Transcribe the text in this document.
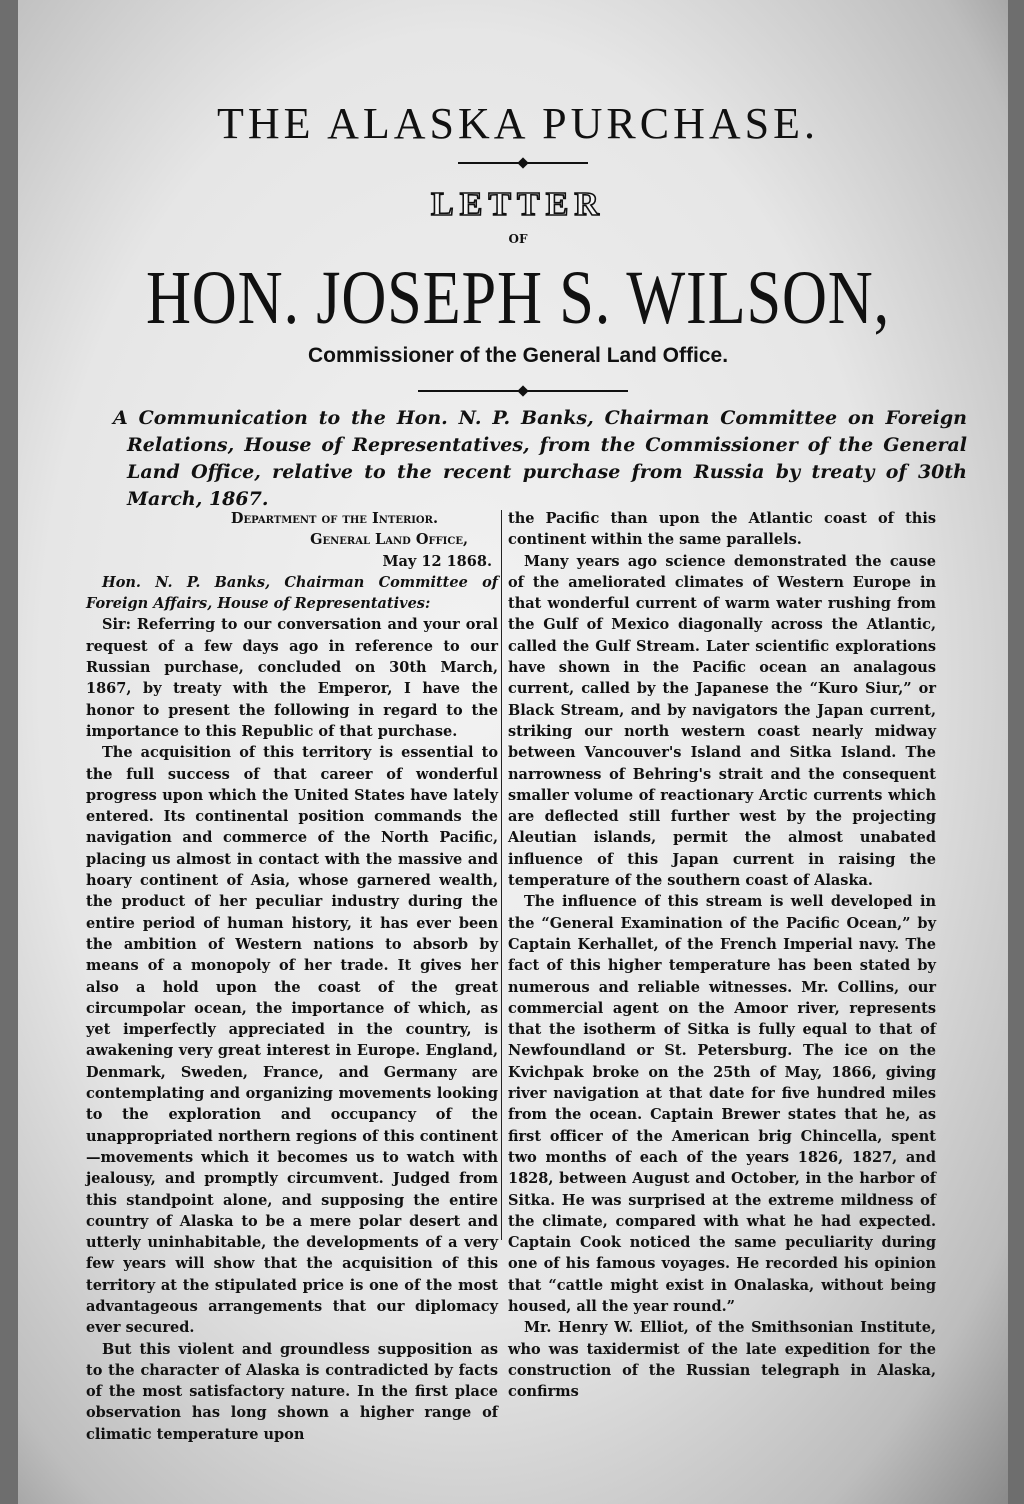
THE ALASKA PURCHASE.
LETTER
OF
HON. JOSEPH S. WILSON,
Commissioner of the General Land Office.
A Communication to the Hon. N. P. Banks, Chairman Committee on Foreign Relations, House of Representatives, from the Commissioner of the General Land Office, relative to the recent purchase from Russia by treaty of 30th March, 1867.

Department of the Interior.

General Land Office,

May 12 1868.

Hon. N. P. Banks, Chairman Committee of Foreign Affairs, House of Representatives:

Sir: Referring to our conversation and your oral request of a few days ago in reference to our Russian purchase, concluded on 30th March, 1867, by treaty with the Emperor, I have the honor to present the following in regard to the importance to this Republic of that purchase.

The acquisition of this territory is essential to the full success of that career of wonderful progress upon which the United States have lately entered. Its continental position commands the navigation and commerce of the North Pacific, placing us almost in contact with the massive and hoary continent of Asia, whose garnered wealth, the product of her peculiar industry during the entire period of human history, it has ever been the ambition of Western nations to absorb by means of a monopoly of her trade. It gives her also a hold upon the coast of the great circumpolar ocean, the importance of which, as yet imperfectly appreciated in the country, is awakening very great interest in Europe. England, Denmark, Sweden, France, and Germany are contemplating and organizing movements looking to the exploration and occupancy of the unappropriated northern regions of this continent—movements which it becomes us to watch with jealousy, and promptly circumvent. Judged from this standpoint alone, and supposing the entire country of Alaska to be a mere polar desert and utterly uninhabitable, the developments of a very few years will show that the acquisition of this territory at the stipulated price is one of the most advantageous arrangements that our diplomacy ever secured.

But this violent and groundless supposition as to the character of Alaska is contradicted by facts of the most satisfactory nature. In the first place observation has long shown a higher range of climatic temperature upon

the Pacific than upon the Atlantic coast of this continent within the same parallels.

Many years ago science demonstrated the cause of the ameliorated climates of Western Europe in that wonderful current of warm water rushing from the Gulf of Mexico diagonally across the Atlantic, called the Gulf Stream. Later scientific explorations have shown in the Pacific ocean an analagous current, called by the Japanese the “Kuro Siur,” or Black Stream, and by navigators the Japan current, striking our north western coast nearly midway between Vancouver's Island and Sitka Island. The narrowness of Behring's strait and the consequent smaller volume of reactionary Arctic currents which are deflected still further west by the projecting Aleutian islands, permit the almost unabated influence of this Japan current in raising the temperature of the southern coast of Alaska.

The influence of this stream is well developed in the “General Examination of the Pacific Ocean,” by Captain Kerhallet, of the French Imperial navy. The fact of this higher temperature has been stated by numerous and reliable witnesses. Mr. Collins, our commercial agent on the Amoor river, represents that the isotherm of Sitka is fully equal to that of Newfoundland or St. Petersburg. The ice on the Kvichpak broke on the 25th of May, 1866, giving river navigation at that date for five hundred miles from the ocean. Captain Brewer states that he, as first officer of the American brig Chincella, spent two months of each of the years 1826, 1827, and 1828, between August and October, in the harbor of Sitka. He was surprised at the extreme mildness of the climate, compared with what he had expected. Captain Cook noticed the same peculiarity during one of his famous voyages. He recorded his opinion that “cattle might exist in Onalaska, without being housed, all the year round.”

Mr. Henry W. Elliot, of the Smithsonian Institute, who was taxidermist of the late expedition for the construction of the Russian telegraph in Alaska, confirms
